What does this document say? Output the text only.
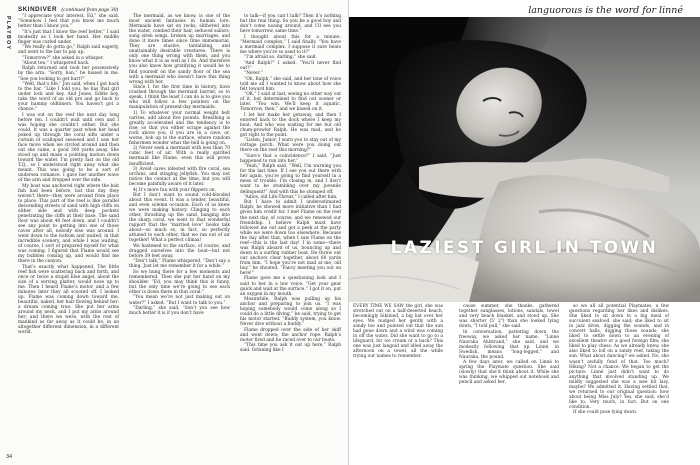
SKINDIVER (continued from page 30)
PLAYBOY	“I appreciate your interest, Ed,” she said. “Somehow I feel that you know me much better than I know you.”

“It’s just that I know the reef better,” I said modestly as I took her hand. Her middle finger was curled under.

“We really do gotta go,” Ralph said eagerly, and went to the bar to pay up.

“Tomorrow?” she asked in a whisper.

“About ten,” I whispered back.

Ralph returned and took her possessively by the arm. “Sorry, hon,” he hissed in me. “See you looking to get hurt?”

“Well, that’s life,” Jon said, when I got back to the bar. “Like I told you, he has that girl under lock and key. And Jones, Eddie boy, take the word of an old pro and go back to your hammy oldtimers. You haven’t got a chance.”

I was out on the reef the next day long before ten. I couldn’t wait until own and I was hoping she couldn’t either. But she could. It was a quarter past when her head poked up through the coral sifts under a curtain of scalloped seaweed and I saw her face move when we circled around and then out she came, a good 300 yards away. She stood up and made a pointing motion down toward the water. I’m pretty fast on the old T.Q., so I understood right away what she meant. This was going to be a sort of undersea romance. I gave her another wave of the arm and dropped over the side.

My boat was anchored right where the bait fish had been before, but this day they weren’t there—they were around from place to place. This part of the reef is like parallel descending streets of sand with high cliffs on either side and with deep pockets penetrating the cliffs at their base. The sand floor was about 40 feet down, and I couldn’t see any point to getting into one of those caves after all, nobody else was around. I went down to the bottom and waited, in that incredible scenery, and while I was waiting, of course, I sort of prepared myself for what was coming. I figured that Flame would see my bubbles coming up, and would find me there in the canyon.

That’s exactly what happened. The little reef fish were scattering back and forth, and once or twice a stupid blue angel, about the size of a serving platter, would nose up to me. Then I heard Flame’s motor, and a few minutes later they all scooted off. I looked up. Flame was coming down toward me, beautiful, naked, her hair flowing behind her: a dream coming true. She put her arms around my neck, and I put my arms around her; and there we were, with the rest of mankind as far away as it could be, in an altogether different dimension, in a different world.

The mermaid, as we know, is one of the most ancient fantasies in human lore. Mermaids have sat on rocks, slithered into the water, combed their hair, seduced sailors, sung siren songs, broken up marriages, and done it more times since time immemorial. They are elusive, tantalizing, and unattainably desirable creatures. There is only one thing wrong with them, and you know what it is as well as I do. And therefore you also know how gratifying it would be to find yourself on the sandy floor of the sea with a mermaid who doesn’t have this thing wrong with her.

Since I, for the first time in history, have crashed through the mermaid barrier, so to speak, I think the least I can do is to give you who will follow a few pointers on the manipulation of present-day mermaids:

1) To whatever your normal weight belt carries, add about five pounds. Breathing is greatly accelerated and the tendency is to rise; so that you either scrape against the rock above you, if you are in a cave, or, worse, bob up to the surface, where random fishermen wonder what the hell is going on.

2) Never seek a mermaid with less than 70 cubic feet of air. With a really spirited mermaid like Flame, even this will prove insufficient.

3) Avoid caves infested with fire coral, sea urchins, and stinging jellyfish. You may not notice the contact at the time, but you will become painfully aware of it later.

4) It’s more fun with your flippers on.

But I don’t want to sound cold-blooded about this event. It was a tender, beautiful, and even solemn occasion. Each of us knew we were making history. Clinging to each other, thrashing up the sand, banging into the sharp coral, we went to that wonderful rapport that the “married love” books talk about—so much so, in fact, so perfectly attuned to each other, that we ran out of air together! What a perfect climax!

We hastened to the surface, of course, and dragged ourselves into the boat—but not before 39 feet away.

“Don’t talk,” Flame whispered. “Don’t say a thing. Just let me remember it for a while.”

So we hung there for a few moments and remembered. Then she put her hand on my shoulder. “Ed, you may think this is funny, but the only time we’re going to see each other is down there in that coral.”

“You mean we’re not just making out on water?” I asked. “But I want to talk to you.”

“Darling,” she said, “don’t you see how much better it is if you don’t have

to talk—if you can’t talk? Then it’s nothing but the real thing. So you be a good boy and don’t come nosing around, and I’ll see you here tomorrow, same time.”

I thought about this for a minute. “Mermaid complex,” I said finally. “You have a mermaid complex. I suppose it sure beats me where you’re so used to it?”

“I’m afraid so, darling,” she said.

“And Ralph?” I asked. “You’ll never find out?”

“Never.”

“Oh, Ralph,” she said, and her tone of voice told me all I wanted to know about how she felt toward him.

“OK,” I said at last, seeing no other way out of it, but determined to find out sooner or later. “You win. We’ll keep it aquatic. Tomorrow, then,” and we kissed on it.

I let her make her getaway, and then I entered back to the dock where I keep my boat. And who was waiting for me but old chum-prowler Ralph. He was mad, and he got right to the point.

“Listen, Junior, I warn you to stay out of my cottage porch. What were you doing out there on the reef this morning?”

“Sure’s that a coincidence?” I said. “Just happened to run into her.”

“Yeah,” Ralph said. “Well, I’m warning you for the last time. If I see you out there with her again, you’re going to find yourself in a mess of trouble. I’m closing in, and I don’t want to be stumbling over my juvenile delinquent!” And with this he stomped off.

“Adios, old Life-Threat,” I called after him.

But I have to admit I underestimated Ralph; he showed more initiative than I had given him credit for. I met Flame on the reef the next day, of course, and we renewed our friendship. I believe Ralph must have followed me out and got a peek at the party while we were down too elsewhere. Because the day after that, when I saw Flame on the reef—this is the last day! I in some—there was Ralph aboard of us, bouncing up and down in a surfing rubber boat. He threw out our anchors clear together, about 60 yards from him. “I hope you’re not mad at me, old boy.” he shouted. “Fancy meeting you out on here!”

Flame gave me a questioning look and I said to her in a low voice. “Get your gear quick and wait at the surface.” I got it on, put an oxygen in my mouth.

Meanwhile, Ralph was pulling up his anchor and preparing to join us. “I was hoping somebody would come along so I could do a little diving,” he said, trying to get his motor started. “Buddy system, you know. Never dive without a buddy.”

Flame dropped over the side of her skiff and went down; the anchor rope. Ralph’s motor fired and he raced over to our boats.

“This time you ask it out up here,” Ralph said. Grinning like I

34
languorous is the word for linné
LAZIEST GIRL IN TOWN

EVERY TIME WE SAW the girl, she was stretched out on a half-deserted beach, becomingly bikinied, a big hat over her eyes. We nudged her gently with a sandy toe and pointed out that the sun had gone down and a wind was coming in off the water. Did she want to go to a lifeguard, for ice cream or a back? This one was just languid and idled away the afternoon on a towel, all the while trying our names to remember.

cause summer, she thanks, gathered together sunglasses, lotions, sandals, towel and very beach blanket, and stood up. She was shorter (5' 2") than she looked lying down, “I told pull,” she said.

In conversation, pattering down the freeway, we asked her name. “Linné Nauraka Ahlstrand,” she said, and we modestly following that up. Linné, in Swedish, means “long-legged,” and Nauraka, the pound.

A few days later, we called on Linné to spring the Playmate question. She said (slowly) that she’d think about it. While she was thinking, we whipped out notebook and pencil and asked her,

so we all all potential Playmates, a few questions regarding her likes and dislikes. She liked to sit down to a big meal of succulent seafood, she said; she liked to sit in jazz dives, digging the sounds, and in concert halls, digging those sounds; she liked to settle down to an evening of excellent theatre or a good foreign film; she liked to play chess. As we already knew, she also liked to loll on a sandy reef, taking the sun. What about dancing? we asked. No, she wasn’t awfully fond of that. Too much? Hiking? Not a chance. We began to get the picture: Linné just didn’t want to do anything that involved standing up. We mildly suggested she was a wee bit lazy, maybe? We admitted it. Having settled that, we returned to our original question: how about being Miss July? Yes, she said, she’d like to. Very much, in fact. But on one condition.

If she could pose lying down.
